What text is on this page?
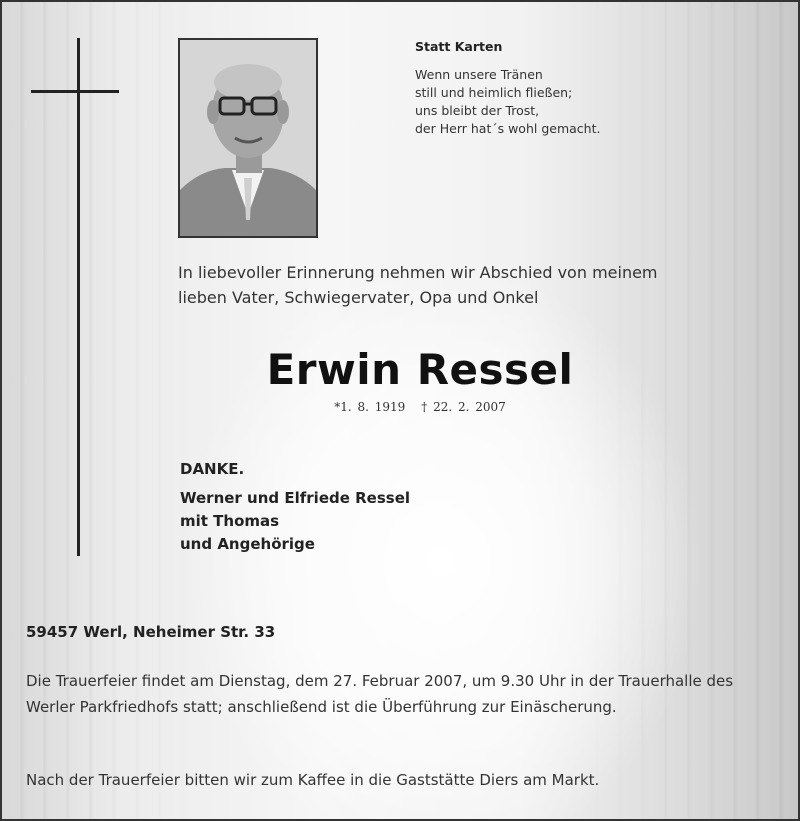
Statt Karten
Wenn unsere Tränen
still und heimlich fließen;
uns bleibt der Trost,
der Herr hat´s wohl gemacht.
In liebevoller Erinnerung nehmen wir Abschied von meinem
lieben Vater, Schwiegervater, Opa und Onkel
Erwin Ressel
*1. 8. 1919 † 22. 2. 2007
DANKE.
Werner und Elfriede Ressel
mit Thomas
und Angehörige
59457 Werl, Neheimer Str. 33
Die Trauerfeier findet am Dienstag, dem 27. Februar 2007, um 9.30 Uhr in der Trauerhalle des Werler Parkfriedhofs statt; anschließend ist die Überführung zur Einäscherung.
Nach der Trauerfeier bitten wir zum Kaffee in die Gaststätte Diers am Markt.
